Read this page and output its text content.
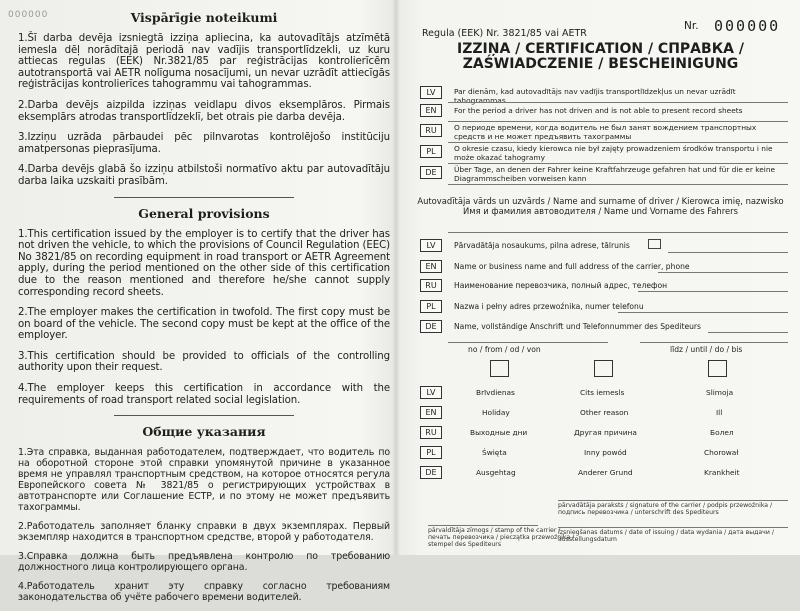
000000	Vispārīgie noteikumi
1.Šī darba devēja izsniegtā izziņa apliecina, ka autovadītājs atzīmētā iemesla dēļ norādītajā periodā nav vadījis transportlīdzekli, uz kuru attiecas regulas (EEK) Nr.3821/85 par reģistrācijas kontrolierīcēm autotransportā vai AETR nolīguma nosacījumi, un nevar uzrādīt attiecīgās reģistrācijas kontrolierīces tahogrammu vai tahogrammas.
2.Darba devējs aizpilda izziņas veidlapu divos eksemplāros. Pirmais eksemplārs atrodas transportlīdzeklī, bet otrais pie darba devēja.
3.Izziņu uzrāda pārbaudei pēc pilnvarotas kontrolējošo institūciju amatpersonas pieprasījuma.
4.Darba devējs glabā šo izziņu atbilstoši normatīvo aktu par autovadītāju darba laika uzskaiti prasībām.
General provisions
1.This certification issued by the employer is to certify that the driver has not driven the vehicle, to which the provisions of Council Regulation (EEC) No 3821/85 on recording equipment in road transport or AETR Agreement apply, during the period mentioned on the other side of this certification due to the reason mentioned and therefore he/she cannot supply corresponding record sheets.
2.The employer makes the certification in twofold. The first copy must be on board of the vehicle. The second copy must be kept at the office of the employer.
3.This certification should be provided to officials of the controlling authority upon their request.
4.The employer keeps this certification in accordance with the requirements of road transport related social legislation.
Общие указания
1.Эта справка, выданная работодателем, подтверждает, что водитель по на оборотной стороне этой справки упомянутой причине в указанное время не управлял транспортным средством, на которое относятся регула Европейского совета № 3821/85 о регистрирующих устройствах в автотранспорте или Соглашение ЕСТР, и по этому не может предъявить тахограммы.
2.Работодатель заполняет бланку справки в двух экземплярах. Первый экземпляр находится в транспортном средстве, второй у работодателя.
3.Справка должна быть предъявлена контролю по требованию должностного лица контролирующего органа.
4.Работодатель хранит эту справку согласно требованиям законодательства об учёте рабочего времени водителей.
Regula (EEK) Nr. 3821/85 vai AETR
Nr. 000000
IZZIŅA / CERTIFICATION / СПРАВКА /
ZAŚWIADCZENIE / BESCHEINIGUNG
LV	Par dienām, kad autovadītājs nav vadījis transportlīdzekļus un nevar uzrādīt tahogrammas
EN	For the period a driver has not driven and is not able to present record sheets
RU	О периоде времени, когда водитель не был занят вождением транспортных средств и не может предъявить тахограммы
PL	O okresie czasu, kiedy kierowca nie był zajęty prowadzeniem środków transportu i nie może okazać tahogramy
DE	Über Tage, an denen der Fahrer keine Kraftfahrzeuge gefahren hat und für die er keine Diagrammscheiben vorweisen kann
Autovadītāja vārds un uzvārds / Name and surname of driver / Kierowca imię, nazwisko
Имя и фамилия автоводителя / Name und Vorname des Fahrers
LV	Pārvadātāja nosaukums, pilna adrese, tālrunis
EN	Name or business name and full address of the carrier, phone
RU	Наименование перевозчика, полный адрес, телефон
PL	Nazwa i pełny adres przewoźnika, numer telefonu
DE	Name, vollständige Anschrift und Telefonnummer des Spediteurs
no / from / od / von	līdz / until / do / bis
LV	Brīvdienas	Cits iemesls	Slimoja
EN	Holiday	Other reason	Ill
RU	Выходные дни	Другая причина	Болел
PL	Święta	Inny powód	Chorował
DE	Ausgehtag	Anderer Grund	Krankheit
pārvadātāja paraksts / signature of the carrier / podpis przewoźnika /
подпись перевозчика / unterschrift des Spediteurs
pārvaldītāja zīmogs / stamp of the carrier /
печать перевозчика / pieczątka przewoźnika /
stempel des Spediteurs
izsniegšanas datums / date of issuing / data wydania / дата выдачи /
ausstellungsdatum
